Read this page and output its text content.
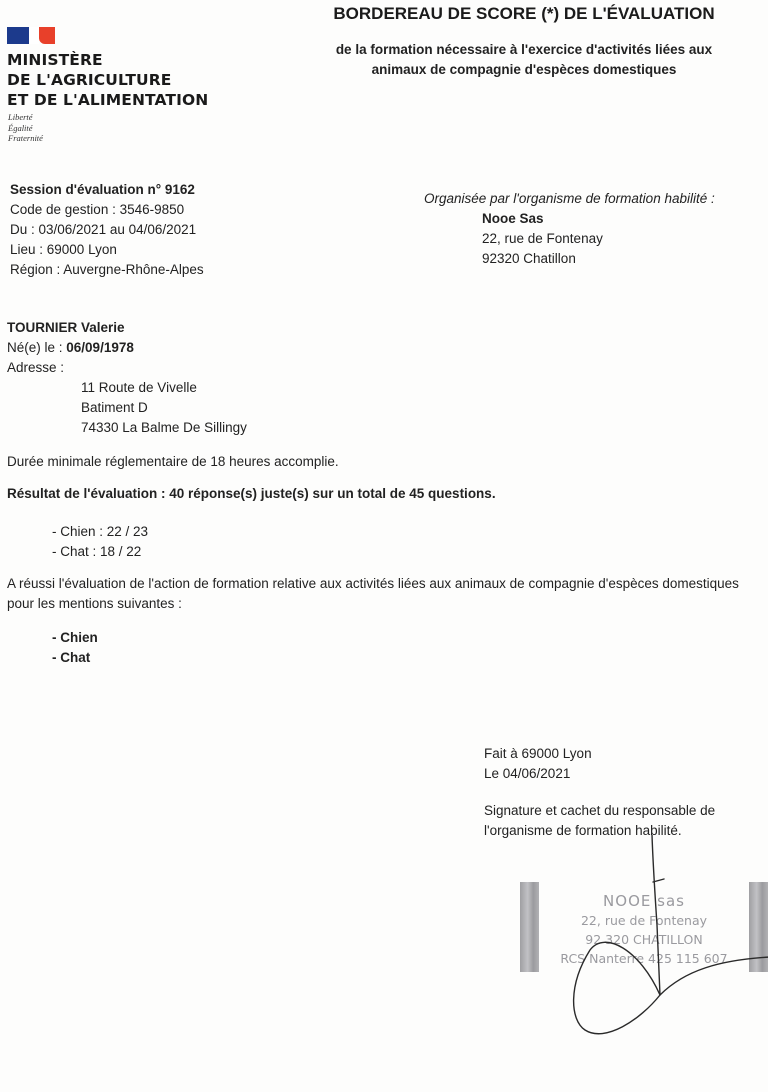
MINISTÈRE
DE L'AGRICULTURE
ET DE L'ALIMENTATION
Liberté
Égalité
Fraternité
BORDEREAU DE SCORE (*) DE L'ÉVALUATION
de la formation nécessaire à l'exercice d'activités liées aux
animaux de compagnie d'espèces domestiques
Session d'évaluation n° 9162
Code de gestion : 3546-9850
Du : 03/06/2021 au 04/06/2021
Lieu : 69000 Lyon
Région : Auvergne-Rhône-Alpes
Organisée par l'organisme de formation habilité :
Nooe Sas
22, rue de Fontenay
92320 Chatillon
TOURNIER Valerie
Né(e) le : 06/09/1978
Adresse :
11 Route de Vivelle
Batiment D
74330 La Balme De Sillingy
Durée minimale réglementaire de 18 heures accomplie.
Résultat de l'évaluation : 40 réponse(s) juste(s) sur un total de 45 questions.
- Chien : 22 / 23
- Chat : 18 / 22
A réussi l'évaluation de l'action de formation relative aux activités liées aux animaux de compagnie d'espèces domestiques pour les mentions suivantes :
- Chien
- Chat
Fait à 69000 Lyon
Le 04/06/2021
Signature et cachet du responsable de
l'organisme de formation habilité.
NOOE sas
22, rue de Fontenay
92 320 CHATILLON
RCS Nanterre 425 115 607
